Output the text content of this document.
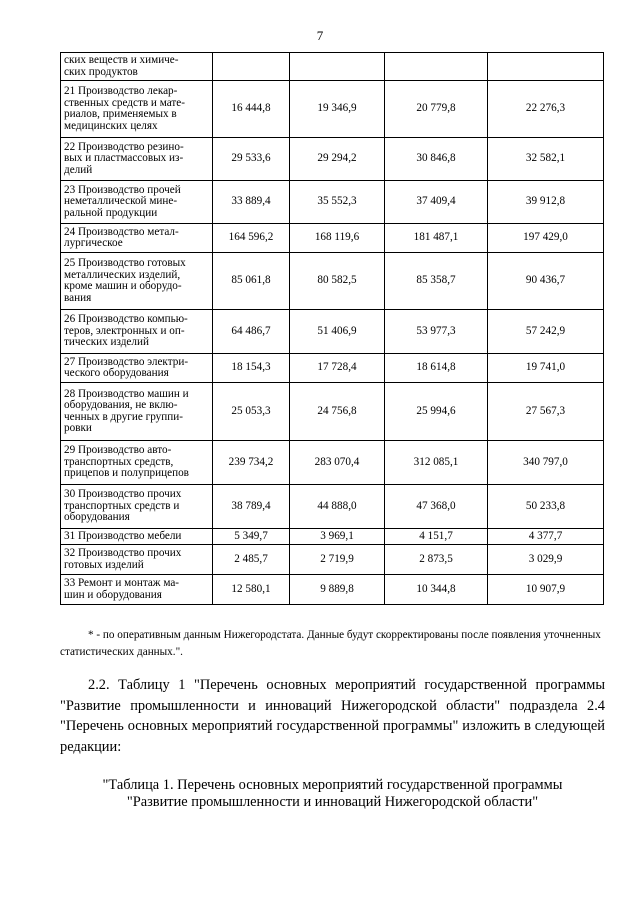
7
ских веществ и химиче-
ских продуктов				
21 Производство лекар-
ственных средств и мате-
риалов, применяемых в
медицинских целях	16 444,8	19 346,9	20 779,8	22 276,3
22 Производство резино-
вых и пластмассовых из-
делий	29 533,6	29 294,2	30 846,8	32 582,1
23 Производство прочей
неметаллической мине-
ральной продукции	33 889,4	35 552,3	37 409,4	39 912,8
24 Производство метал-
лургическое	164 596,2	168 119,6	181 487,1	197 429,0
25 Производство готовых
металлических изделий,
кроме машин и оборудо-
вания	85 061,8	80 582,5	85 358,7	90 436,7
26 Производство компью-
теров, электронных и оп-
тических изделий	64 486,7	51 406,9	53 977,3	57 242,9
27 Производство электри-
ческого оборудования	18 154,3	17 728,4	18 614,8	19 741,0
28 Производство машин и
оборудования, не вклю-
ченных в другие группи-
ровки	25 053,3	24 756,8	25 994,6	27 567,3
29 Производство авто-
транспортных средств,
прицепов и полуприцепов	239 734,2	283 070,4	312 085,1	340 797,0
30 Производство прочих
транспортных средств и
оборудования	38 789,4	44 888,0	47 368,0	50 233,8
31 Производство мебели	5 349,7	3 969,1	4 151,7	4 377,7
32 Производство прочих
готовых изделий	2 485,7	2 719,9	2 873,5	3 029,9
33 Ремонт и монтаж ма-
шин и оборудования	12 580,1	9 889,8	10 344,8	10 907,9
* - по оперативным данным Нижегородстата. Данные будут скорректированы после появления уточненных статистических данных.".
2.2. Таблицу 1 "Перечень основных мероприятий государственной программы "Развитие промышленности и инноваций Нижегородской области" подраздела 2.4 "Перечень основных мероприятий государственной программы" изложить в следующей редакции:
"Таблица 1. Перечень основных мероприятий государственной программы
"Развитие промышленности и инноваций Нижегородской области"
